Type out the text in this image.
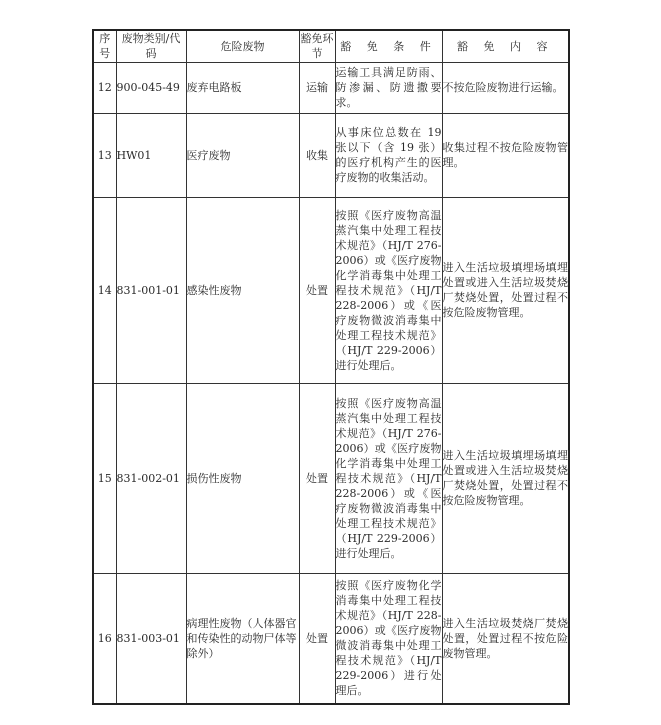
序号	废物类别/代码	危险废物	豁免环节	豁 免 条 件	豁 免 内 容
12	900-045-49	废弃电路板	运输	运输工具满足防雨、防渗漏、防遗撒要求。	不按危险废物进行运输。
13	HW01	医疗废物	收集	从事床位总数在 19 张以下（含 19 张）的医疗机构产生的医疗废物的收集活动。	收集过程不按危险废物管理。
14	831-001-01	感染性废物	处置	按照《医疗废物高温蒸汽集中处理工程技术规范》（HJ/T 276-2006）或《医疗废物化学消毒集中处理工程技术规范》（HJ/T 228-2006）或《医疗废物微波消毒集中处理工程技术规范》（HJ/T 229-2006）进行处理后。	进入生活垃圾填埋场填埋处置或进入生活垃圾焚烧厂焚烧处置，处置过程不按危险废物管理。
15	831-002-01	损伤性废物	处置	按照《医疗废物高温蒸汽集中处理工程技术规范》（HJ/T 276-2006）或《医疗废物化学消毒集中处理工程技术规范》（HJ/T 228-2006）或《医疗废物微波消毒集中处理工程技术规范》（HJ/T 229-2006）进行处理后。	进入生活垃圾填埋场填埋处置或进入生活垃圾焚烧厂焚烧处置，处置过程不按危险废物管理。
16	831-003-01	病理性废物（人体器官和传染性的动物尸体等除外）	处置	按照《医疗废物化学消毒集中处理工程技术规范》（HJ/T 228-2006）或《医疗废物微波消毒集中处理工程技术规范》（HJ/T 229-2006）进行处理后。	进入生活垃圾焚烧厂焚烧处置，处置过程不按危险废物管理。
